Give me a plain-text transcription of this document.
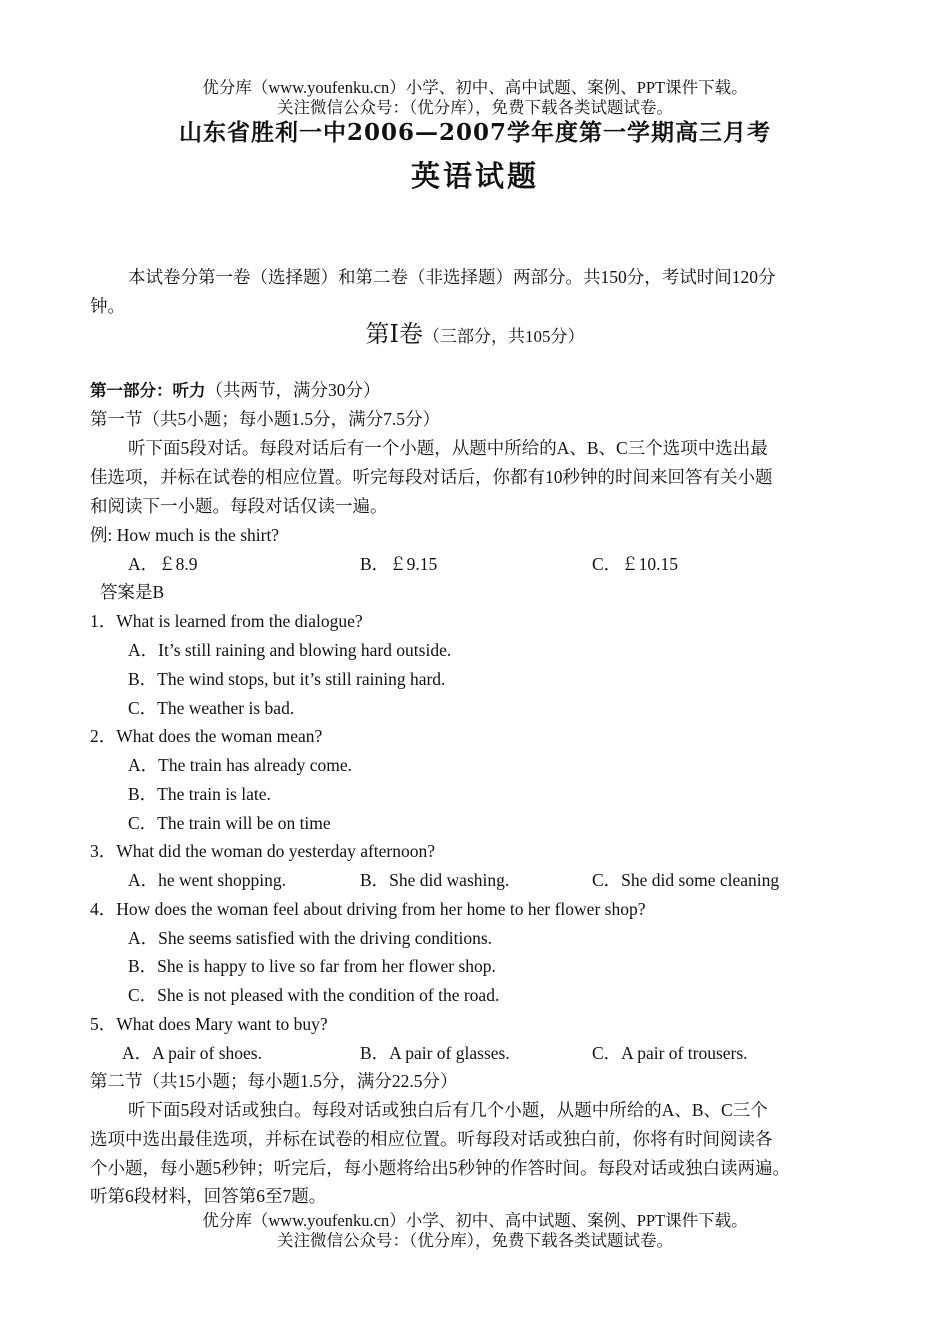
优分库（www.youfenku.cn）小学、初中、高中试题、案例、PPT课件下载。
关注微信公众号：（优分库），免费下载各类试题试卷。
山东省胜利一中2006—2007学年度第一学期高三月考
英语试题
本试卷分第一卷（选择题）和第二卷（非选择题）两部分。共150分，考试时间120分
钟。
第Ⅰ卷（三部分，共105分）
第一部分：听力（共两节，满分30分）
第一节（共5小题；每小题1.5分，满分7.5分）
听下面5段对话。每段对话后有一个小题，从题中所给的A、B、C三个选项中选出最
佳选项，并标在试卷的相应位置。听完每段对话后，你都有10秒钟的时间来回答有关小题
和阅读下一小题。每段对话仅读一遍。
例: How much is the shirt?
A．￡8.9	B．￡9.15	C．￡10.15
答案是B
1．What is learned from the dialogue?
A．It’s still raining and blowing hard outside.
B．The wind stops, but it’s still raining hard.
C．The weather is bad.
2．What does the woman mean?
A．The train has already come.
B．The train is late.
C．The train will be on time
3．What did the woman do yesterday afternoon?
A．he went shopping.	B．She did washing.	C．She did some cleaning
4．How does the woman feel about driving from her home to her flower shop?
A．She seems satisfied with the driving conditions.
B．She is happy to live so far from her flower shop.
C．She is not pleased with the condition of the road.
5．What does Mary want to buy?
A．A pair of shoes.	B．A pair of glasses.	C．A pair of trousers.
第二节（共15小题；每小题1.5分，满分22.5分）
听下面5段对话或独白。每段对话或独白后有几个小题，从题中所给的A、B、C三个
选项中选出最佳选项，并标在试卷的相应位置。听每段对话或独白前，你将有时间阅读各
个小题，每小题5秒钟；听完后，每小题将给出5秒钟的作答时间。每段对话或独白读两遍。
听第6段材料，回答第6至7题。
优分库（www.youfenku.cn）小学、初中、高中试题、案例、PPT课件下载。
关注微信公众号：（优分库），免费下载各类试题试卷。
